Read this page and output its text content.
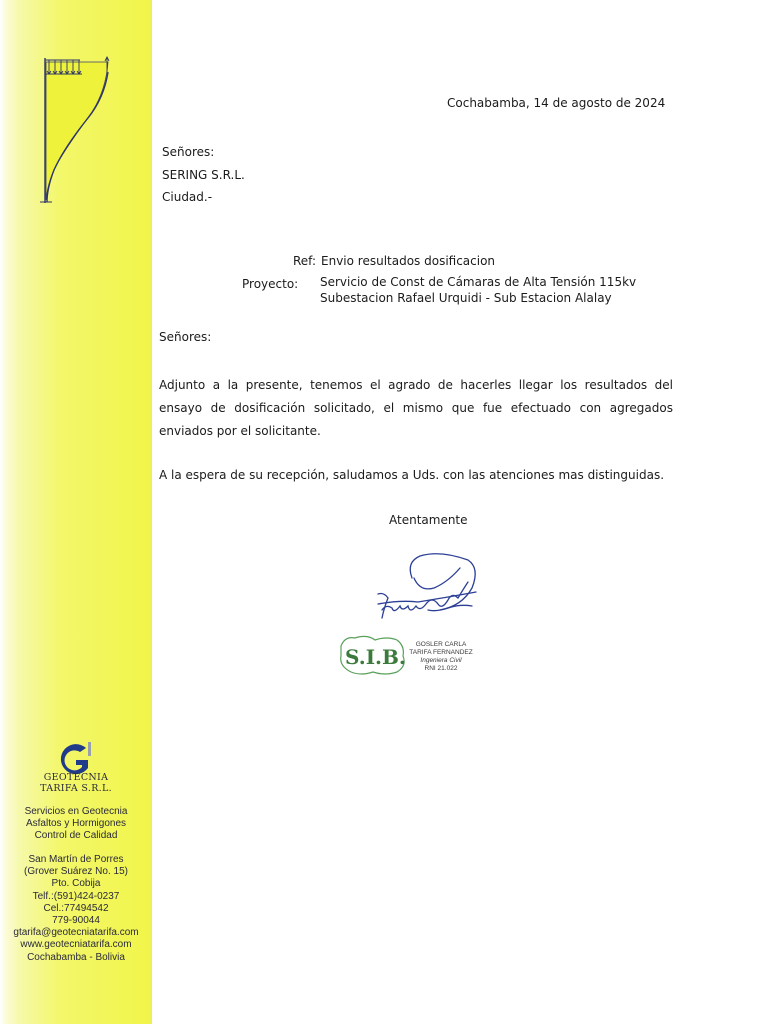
GEOTECNIA
TARIFA S.R.L.
Servicios en Geotecnia
Asfaltos y Hormigones
Control de Calidad
San Martín de Porres
(Grover Suárez No. 15)
Pto. Cobija
Telf.:(591)424-0237
Cel.:77494542
779-90044
gtarifa@geotecniatarifa.com
www.geotecniatarifa.com
Cochabamba - Bolivia
Cochabamba, 14 de agosto de 2024
Señores:
SERING S.R.L.
Ciudad.-
Ref: Envio resultados dosificacion
Proyecto: Servicio de Const de Cámaras de Alta Tensión 115kv
Subestacion Rafael Urquidi - Sub Estacion Alalay
Señores:
Adjunto a la presente, tenemos el agrado de hacerles llegar los resultados del ensayo de dosificación solicitado, el mismo que fue efectuado con agregados enviados por el solicitante.
A la espera de su recepción, saludamos a Uds. con las atenciones mas distinguidas.
Atentamente
S.I.B.
GOSLER CARLA
TARIFA FERNANDEZ
Ingeniera Civil
RNI 21.022
